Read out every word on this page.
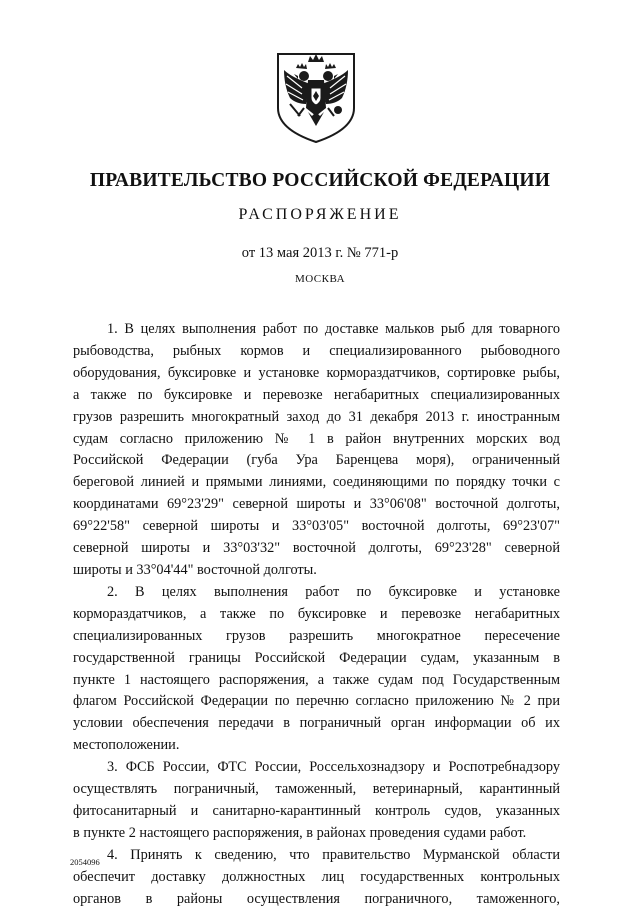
ПРАВИТЕЛЬСТВО РОССИЙСКОЙ ФЕДЕРАЦИИ
РАСПОРЯЖЕНИЕ
от 13 мая 2013 г. № 771-р
МОСКВА

1. В целях выполнения работ по доставке мальков рыб для товарного
рыбоводства, рыбных кормов и специализированного рыбоводного
оборудования, буксировке и установке кормораздатчиков, сортировке рыбы,
а также по буксировке и перевозке негабаритных специализированных
грузов разрешить многократный заход до 31 декабря 2013 г. иностранным
судам согласно приложению № 1 в район внутренних морских вод
Российской Федерации (губа Ура Баренцева моря), ограниченный
береговой линией и прямыми линиями, соединяющими по порядку точки с
координатами 69°23'29" северной широты и 33°06'08" восточной долготы,
69°22'58" северной широты и 33°03'05" восточной долготы, 69°23'07"
северной широты и 33°03'32" восточной долготы, 69°23'28" северной
широты и 33°04'44" восточной долготы.

2. В целях выполнения работ по буксировке и установке
кормораздатчиков, а также по буксировке и перевозке негабаритных
специализированных грузов разрешить многократное пересечение
государственной границы Российской Федерации судам, указанным в
пункте 1 настоящего распоряжения, а также судам под Государственным
флагом Российской Федерации по перечню согласно приложению № 2 при
условии обеспечения передачи в пограничный орган информации об их
местоположении.

3. ФСБ России, ФТС России, Россельхознадзору и Роспотребнадзору
осуществлять пограничный, таможенный, ветеринарный, карантинный
фитосанитарный и санитарно-карантинный контроль судов, указанных
в пункте 2 настоящего распоряжения, в районах проведения судами работ.

4. Принять к сведению, что правительство Мурманской области
обеспечит доставку должностных лиц государственных контрольных
органов в районы осуществления пограничного, таможенного,

2054096
